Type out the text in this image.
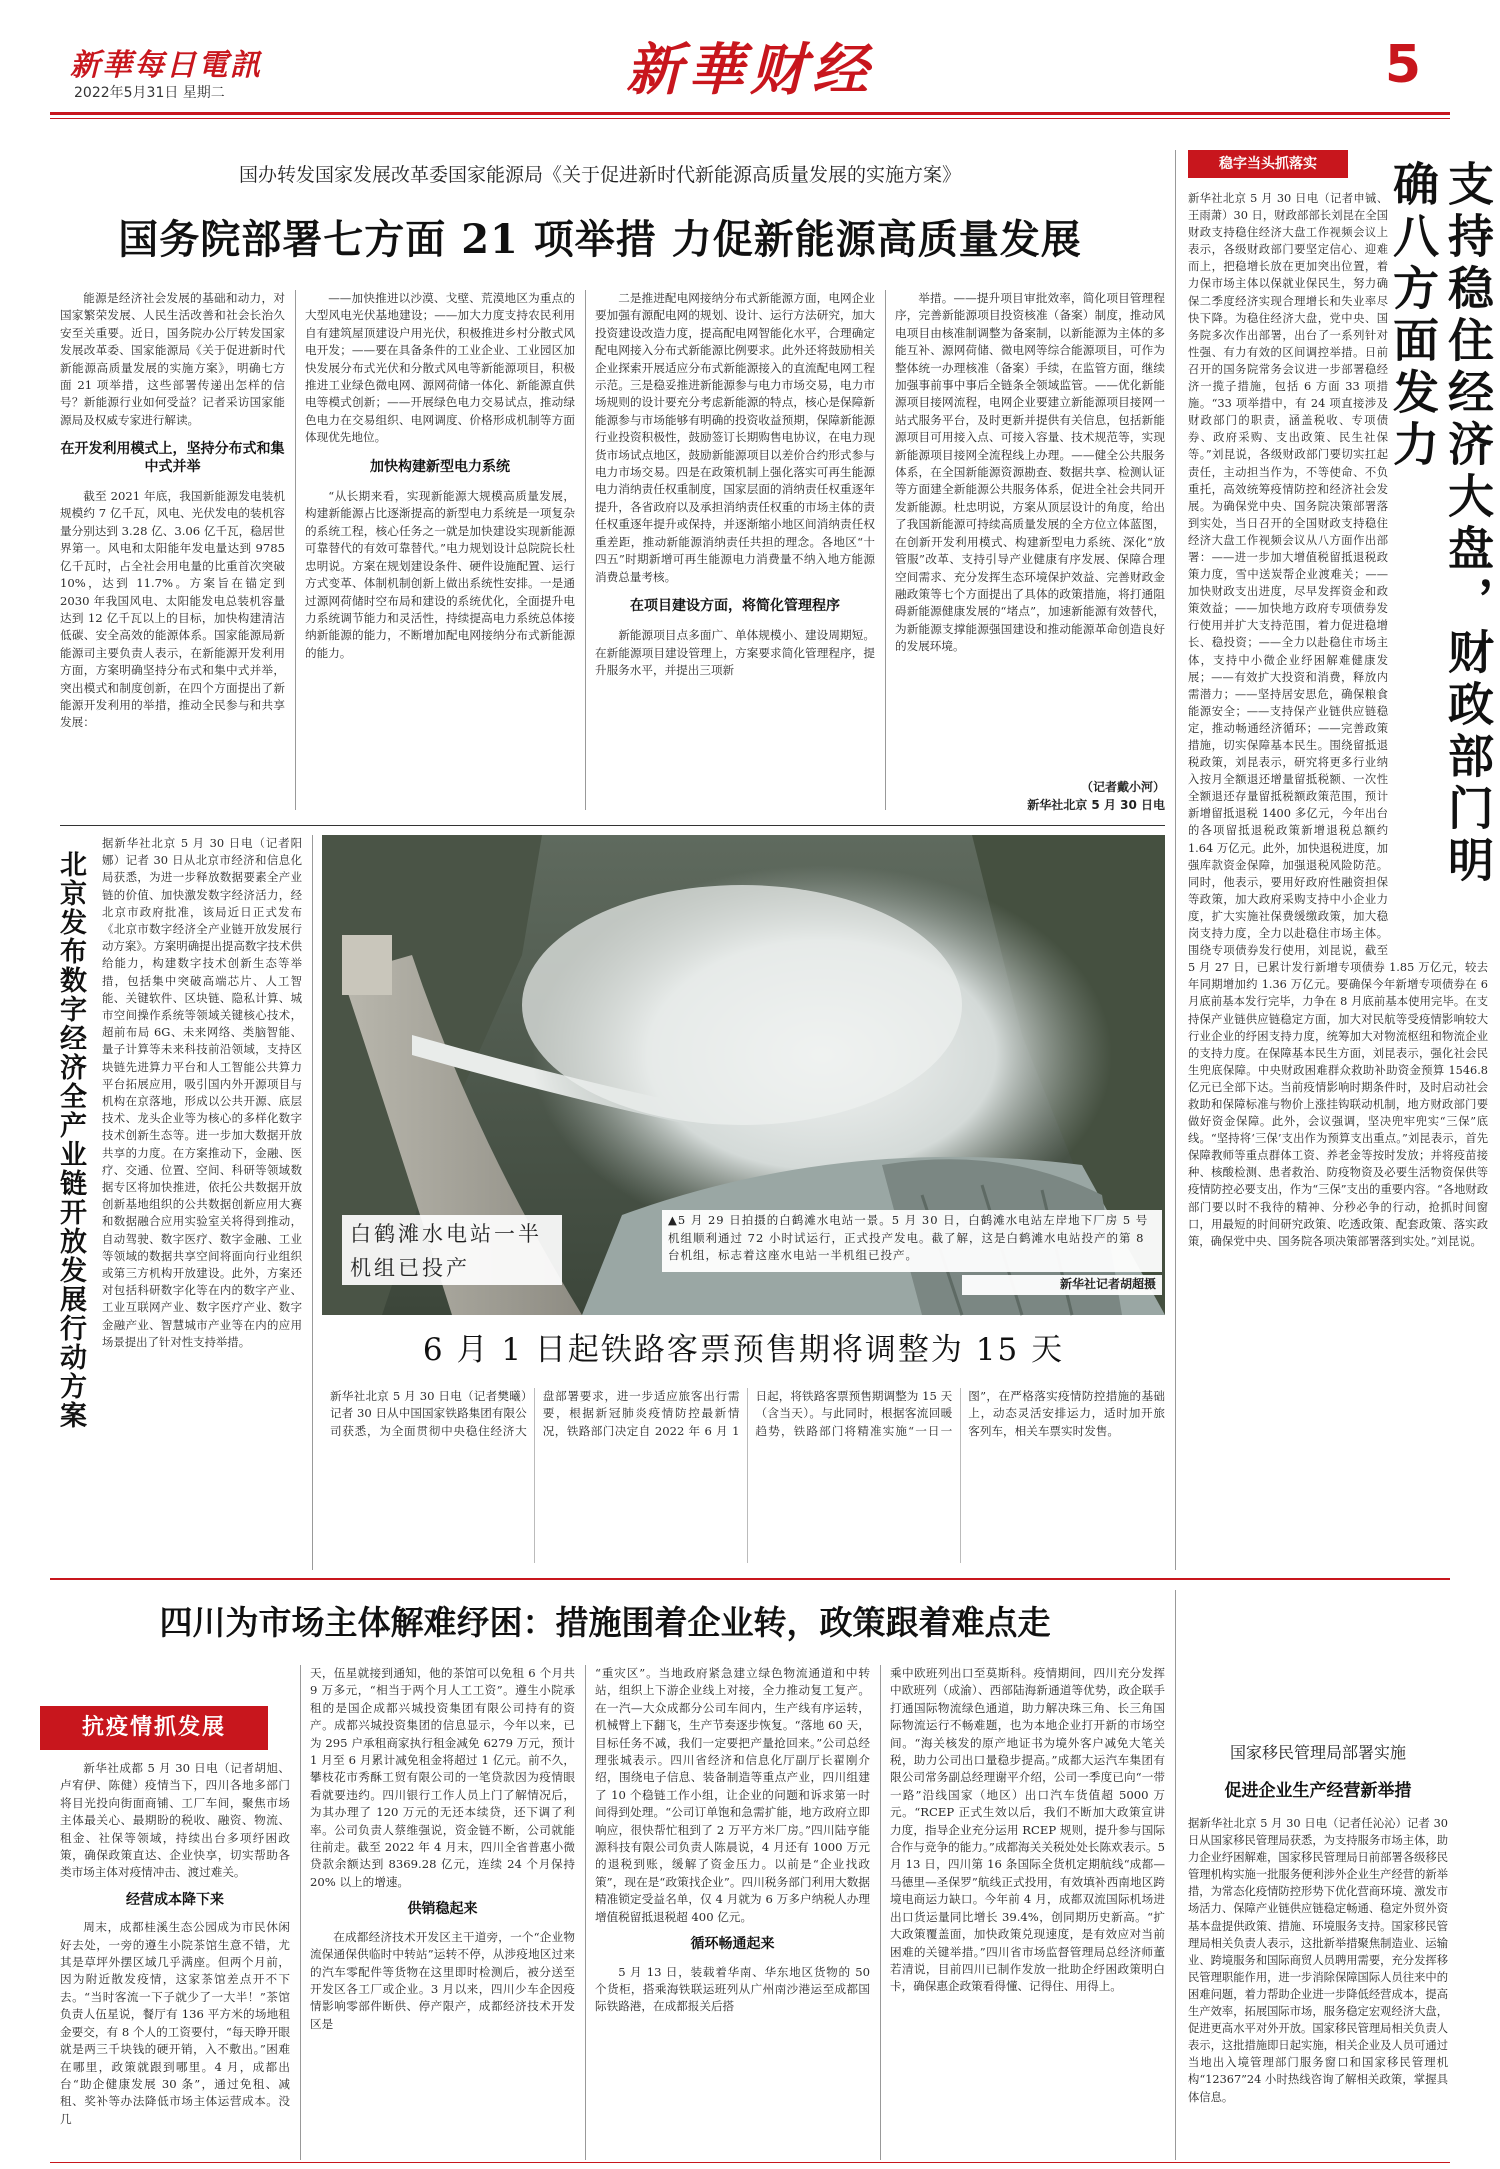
新華每日電訊
2022年5月31日 星期二	新華财经	5
国办转发国家发展改革委国家能源局《关于促进新时代新能源高质量发展的实施方案》
国务院部署七方面 21 项举措 力促新能源高质量发展

能源是经济社会发展的基础和动力，对国家繁荣发展、人民生活改善和社会长治久安至关重要。近日，国务院办公厅转发国家发展改革委、国家能源局《关于促进新时代新能源高质量发展的实施方案》，明确七方面 21 项举措，这些部署传递出怎样的信号？新能源行业如何受益？记者采访国家能源局及权威专家进行解读。

在开发利用模式上，坚持分布式和集中式并举

截至 2021 年底，我国新能源发电装机规模约 7 亿千瓦，风电、光伏发电的装机容量分别达到 3.28 亿、3.06 亿千瓦，稳居世界第一。风电和太阳能年发电量达到 9785 亿千瓦时，占全社会用电量的比重首次突破 10%，达到 11.7%。方案旨在锚定到 2030 年我国风电、太阳能发电总装机容量达到 12 亿千瓦以上的目标，加快构建清洁低碳、安全高效的能源体系。国家能源局新能源司主要负责人表示，在新能源开发利用方面，方案明确坚持分布式和集中式并举，突出模式和制度创新，在四个方面提出了新能源开发利用的举措，推动全民参与和共享发展：

——加快推进以沙漠、戈壁、荒漠地区为重点的大型风电光伏基地建设；——加大力度支持农民利用自有建筑屋顶建设户用光伏，积极推进乡村分散式风电开发；——要在具备条件的工业企业、工业园区加快发展分布式光伏和分散式风电等新能源项目，积极推进工业绿色微电网、源网荷储一体化、新能源直供电等模式创新；——开展绿色电力交易试点，推动绿色电力在交易组织、电网调度、价格形成机制等方面体现优先地位。

加快构建新型电力系统

“从长期来看，实现新能源大规模高质量发展，构建新能源占比逐渐提高的新型电力系统是一项复杂的系统工程，核心任务之一就是加快建设实现新能源可靠替代的有效可靠替代。”电力规划设计总院院长杜忠明说。方案在规划建设条件、硬件设施配置、运行方式变革、体制机制创新上做出系统性安排。一是通过源网荷储时空布局和建设的系统优化，全面提升电力系统调节能力和灵活性，持续提高电力系统总体接纳新能源的能力，不断增加配电网接纳分布式新能源的能力。

二是推进配电网接纳分布式新能源方面，电网企业要加强有源配电网的规划、设计、运行方法研究，加大投资建设改造力度，提高配电网智能化水平，合理确定配电网接入分布式新能源比例要求。此外还将鼓励相关企业探索开展适应分布式新能源接入的直流配电网工程示范。三是稳妥推进新能源参与电力市场交易，电力市场规则的设计要充分考虑新能源的特点，核心是保障新能源参与市场能够有明确的投资收益预期，保障新能源行业投资积极性，鼓励签订长期购售电协议，在电力现货市场试点地区，鼓励新能源项目以差价合约形式参与电力市场交易。四是在政策机制上强化落实可再生能源电力消纳责任权重制度，国家层面的消纳责任权重逐年提升，各省政府以及承担消纳责任权重的市场主体的责任权重逐年提升或保持，并逐渐缩小地区间消纳责任权重差距，推动新能源消纳责任共担的理念。各地区“十四五”时期新增可再生能源电力消费量不纳入地方能源消费总量考核。

在项目建设方面，将简化管理程序

新能源项目点多面广、单体规模小、建设周期短。在新能源项目建设管理上，方案要求简化管理程序，提升服务水平，并提出三项新

举措。——提升项目审批效率，简化项目管理程序，完善新能源项目投资核准（备案）制度，推动风电项目由核准制调整为备案制，以新能源为主体的多能互补、源网荷储、微电网等综合能源项目，可作为整体统一办理核准（备案）手续，在监管方面，继续加强事前事中事后全链条全领域监管。——优化新能源项目接网流程，电网企业要建立新能源项目接网一站式服务平台，及时更新并提供有关信息，包括新能源项目可用接入点、可接入容量、技术规范等，实现新能源项目接网全流程线上办理。——健全公共服务体系，在全国新能源资源勘查、数据共享、检测认证等方面建全新能源公共服务体系，促进全社会共同开发新能源。杜忠明说，方案从顶层设计的角度，给出了我国新能源可持续高质量发展的全方位立体蓝图，在创新开发利用模式、构建新型电力系统、深化“放管服”改革、支持引导产业健康有序发展、保障合理空间需求、充分发挥生态环境保护效益、完善财政金融政策等七个方面提出了具体的政策措施，将打通阻碍新能源健康发展的“堵点”，加速新能源有效替代，为新能源支撑能源强国建设和推动能源革命创造良好的发展环境。

（记者戴小河）
新华社北京 5 月 30 日电
北京发布数字经济全产业链开放发展行动方案
据新华社北京 5 月 30 日电（记者阳娜）记者 30 日从北京市经济和信息化局获悉，为进一步释放数据要素全产业链的价值、加快激发数字经济活力，经北京市政府批准，该局近日正式发布《北京市数字经济全产业链开放发展行动方案》。方案明确提出提高数字技术供给能力，构建数字技术创新生态等举措，包括集中突破高端芯片、人工智能、关键软件、区块链、隐私计算、城市空间操作系统等领域关键核心技术，超前布局 6G、未来网络、类脑智能、量子计算等未来科技前沿领域，支持区块链先进算力平台和人工智能公共算力平台拓展应用，吸引国内外开源项目与机构在京落地，形成以公共开源、底层技术、龙头企业等为核心的多样化数字技术创新生态等。进一步加大数据开放共享的力度。在方案推动下，金融、医疗、交通、位置、空间、科研等领域数据专区将加快推进，依托公共数据开放创新基地组织的公共数据创新应用大赛和数据融合应用实验室关将得到推动，自动驾驶、数字医疗、数字金融、工业等领域的数据共享空间将面向行业组织或第三方机构开放建设。此外，方案还对包括科研数字化等在内的数字产业、工业互联网产业、数字医疗产业、数字金融产业、智慧城市产业等在内的应用场景提出了针对性支持举措。
白鹤滩水电站一半机组已投产
▲5 月 29 日拍摄的白鹤滩水电站一景。5 月 30 日，白鹤滩水电站左岸地下厂房 5 号机组顺利通过 72 小时试运行，正式投产发电。截了解，这是白鹤滩水电站投产的第 8 台机组，标志着这座水电站一半机组已投产。
新华社记者胡超摄
6 月 1 日起铁路客票预售期将调整为 15 天
新华社北京 5 月 30 日电（记者樊曦）记者 30 日从中国国家铁路集团有限公司获悉，为全面贯彻中央稳住经济大盘部署要求，进一步适应旅客出行需要，根据新冠肺炎疫情防控最新情况，铁路部门决定自 2022 年 6 月 1 日起，将铁路客票预售期调整为 15 天（含当天）。与此同时，根据客流回暖趋势，铁路部门将精准实施“一日一图”，在严格落实疫情防控措施的基础上，动态灵活安排运力，适时加开旅客列车，相关车票实时发售。
稳字当头抓落实	支持稳住经济大盘，财政部门明确八方面发力

新华社北京 5 月 30 日电（记者申铖、王雨萧）30 日，财政部部长刘昆在全国财政支持稳住经济大盘工作视频会议上表示，各级财政部门要坚定信心、迎难而上，把稳增长放在更加突出位置，着力保市场主体以保就业保民生，努力确保二季度经济实现合理增长和失业率尽快下降。为稳住经济大盘，党中央、国务院多次作出部署，出台了一系列针对性强、有力有效的区间调控举措。日前召开的国务院常务会议进一步部署稳经济一揽子措施，包括 6 方面 33 项措施。“33 项举措中，有 24 项直接涉及财政部门的职责，涵盖税收、专项债券、政府采购、支出政策、民生社保等。”刘昆说，各级财政部门要切实扛起责任，主动担当作为，不等使命、不负重托，高效统筹疫情防控和经济社会发展。为确保党中央、国务院决策部署落到实处，当日召开的全国财政支持稳住经济大盘工作视频会议从八方面作出部署：——进一步加大增值税留抵退税政策力度，雪中送炭帮企业渡难关；——加快财政支出进度，尽早发挥资金和政策效益；——加快地方政府专项债券发行使用并扩大支持范围，着力促进稳增长、稳投资；——全力以赴稳住市场主体，支持中小微企业纾困解难健康发展；——有效扩大投资和消费，释放内需潜力；——坚持居安思危，确保粮食能源安全；——支持保产业链供应链稳定，推动畅通经济循环；——完善政策措施，切实保障基本民生。围绕留抵退税政策，刘昆表示，研究将更多行业纳入按月全额退还增量留抵税额、一次性全额退还存量留抵税额政策范围，预计新增留抵退税 1400 多亿元，今年出台的各项留抵退税政策新增退税总额约 1.64 万亿元。此外，加快退税进度，加强库款资金保障，加强退税风险防范。同时，他表示，要用好政府性融资担保等政策，加大政府采购支持中小企业力度，扩大实施社保费缓缴政策，加大稳岗支持力度，全力以赴稳住市场主体。围绕专项债券发行使用，刘昆说，截至 5 月 27 日，已累计发行新增专项债券 1.85 万亿元，较去年同期增加约 1.36 万亿元。要确保今年新增专项债券在 6 月底前基本发行完毕，力争在 8 月底前基本使用完毕。在支持保产业链供应链稳定方面，加大对民航等受疫情影响较大行业企业的纾困支持力度，统筹加大对物流枢纽和物流企业的支持力度。在保障基本民生方面，刘昆表示，强化社会民生兜底保障。中央财政困难群众救助补助资金预算 1546.8 亿元已全部下达。当前疫情影响时期条件时，及时启动社会救助和保障标准与物价上涨挂钩联动机制，地方财政部门要做好资金保障。此外，会议强调，坚决兜牢兜实“三保”底线。“坚持将‘三保’支出作为预算支出重点。”刘昆表示，首先保障教师等重点群体工资、养老金等按时发放；并将疫苗接种、核酸检测、患者救治、防疫物资及必要生活物资保供等疫情防控必要支出，作为“三保”支出的重要内容。“各地财政部门要以时不我待的精神、分秒必争的行动，抢抓时间窗口，用最短的时间研究政策、吃透政策、配套政策、落实政策，确保党中央、国务院各项决策部署落到实处。”刘昆说。

四川为市场主体解难纾困：措施围着企业转，政策跟着难点走
抗疫情抓发展

新华社成都 5 月 30 日电（记者胡旭、卢宥伊、陈健）疫情当下，四川各地多部门将目光投向街面商铺、工厂车间，聚焦市场主体最关心、最期盼的税收、融资、物流、租金、社保等领域，持续出台多项纾困政策，确保政策直达、企业快享，切实帮助各类市场主体对疫情冲击、渡过难关。

经营成本降下来

周末，成都桂溪生态公园成为市民休闲好去处，一旁的遵生小院茶馆生意不错，尤其是草坪外摆区域几乎满座。但两个月前，因为附近散发疫情，这家茶馆差点开不下去。“当时客流一下子就少了一大半！”茶馆负责人伍星说，餐厅有 136 平方米的场地租金要交，有 8 个人的工资要付，“每天睁开眼就是两三千块钱的硬开销，入不敷出。”困难在哪里，政策就跟到哪里。4 月，成都出台“助企健康发展 30 条”，通过免租、减租、奖补等办法降低市场主体运营成本。没几

天，伍星就接到通知，他的茶馆可以免租 6 个月共 9 万多元，“相当于两个月人工工资”。遵生小院承租的是国企成都兴城投资集团有限公司持有的资产。成都兴城投资集团的信息显示，今年以来，已为 295 户承租商家执行租金减免 6279 万元，预计 1 月至 6 月累计减免租金将超过 1 亿元。前不久，攀枝花市秀酥工贸有限公司的一笔贷款因为疫情眼看就要违约。四川银行工作人员上门了解情况后，为其办理了 120 万元的无还本续贷，还下调了利率。公司负责人蔡维强说，资金链不断，公司就能往前走。截至 2022 年 4 月末，四川全省普惠小微贷款余额达到 8369.28 亿元，连续 24 个月保持 20% 以上的增速。

供销稳起来

在成都经济技术开发区主干道旁，一个“企业物流保通保供临时中转站”运转不停，从涉疫地区过来的汽车零配件等货物在这里即时检测后，被分送至开发区各工厂或企业。3 月以来，四川少车企因疫情影响零部件断供、停产限产，成都经济技术开发区是

“重灾区”。当地政府紧急建立绿色物流通道和中转站，组织上下游企业线上对接，全力推动复工复产。在一汽—大众成都分公司车间内，生产线有序运转，机械臂上下翻飞，生产节奏逐步恢复。“落地 60 天，目标任务不减，我们一定要把产量抢回来。”公司总经理张城表示。四川省经济和信息化厅副厅长翟刚介绍，围绕电子信息、装备制造等重点产业，四川组建了 10 个稳链工作小组，让企业的问题和诉求第一时间得到处理。“公司订单饱和急需扩能，地方政府立即响应，很快帮忙租到了 2 万平方米厂房。”四川陆亨能源科技有限公司负责人陈晨说，4 月还有 1000 万元的退税到账，缓解了资金压力。以前是“企业找政策”，现在是“政策找企业”。四川税务部门利用大数据精准锁定受益名单，仅 4 月就为 6 万多户纳税人办理增值税留抵退税超 400 亿元。

循环畅通起来

5 月 13 日，装载着华南、华东地区货物的 50 个货柜，搭乘海铁联运班列从广州南沙港运至成都国际铁路港，在成都报关后搭

乘中欧班列出口至莫斯科。疫情期间，四川充分发挥中欧班列（成渝）、西部陆海新通道等优势，政企联手打通国际物流绿色通道，助力解决珠三角、长三角国际物流运行不畅难题，也为本地企业打开新的市场空间。“海关核发的原产地证书为境外客户减免大笔关税，助力公司出口量稳步提高。”成都大运汽车集团有限公司常务副总经理谢平介绍，公司一季度已向“一带一路”沿线国家（地区）出口汽车货值超 5000 万元。“RCEP 正式生效以后，我们不断加大政策宣讲力度，指导企业充分运用 RCEP 规则，提升参与国际合作与竞争的能力。”成都海关关税处处长陈欢表示。5 月 13 日，四川第 16 条国际全货机定期航线“成都—马德里—圣保罗”航线正式投用，有效填补西南地区跨境电商运力缺口。今年前 4 月，成都双流国际机场进出口货运量同比增长 39.4%，创同期历史新高。“扩大政策覆盖面，加快政策兑现速度，是有效应对当前困难的关键举措。”四川省市场监督管理局总经济师董若清说，目前四川已制作发放一批助企纾困政策明白卡，确保惠企政策看得懂、记得住、用得上。

国家移民管理局部署实施
促进企业生产经营新举措
据新华社北京 5 月 30 日电（记者任沁沁）记者 30 日从国家移民管理局获悉，为支持服务市场主体，助力企业纾困解难，国家移民管理局日前部署各级移民管理机构实施一批服务便利涉外企业生产经营的新举措，为常态化疫情防控形势下优化营商环境、激发市场活力、保障产业链供应链稳定畅通、稳定外贸外资基本盘提供政策、措施、环境服务支持。国家移民管理局相关负责人表示，这批新举措聚焦制造业、运输业、跨境服务和国际商贸人员聘用需要，充分发挥移民管理职能作用，进一步消除保障国际人员往来中的困难问题，着力帮助企业进一步降低经营成本，提高生产效率，拓展国际市场，服务稳定宏观经济大盘，促进更高水平对外开放。国家移民管理局相关负责人表示，这批措施即日起实施，相关企业及人员可通过当地出入境管理部门服务窗口和国家移民管理机构“12367”24 小时热线咨询了解相关政策，掌握具体信息。
